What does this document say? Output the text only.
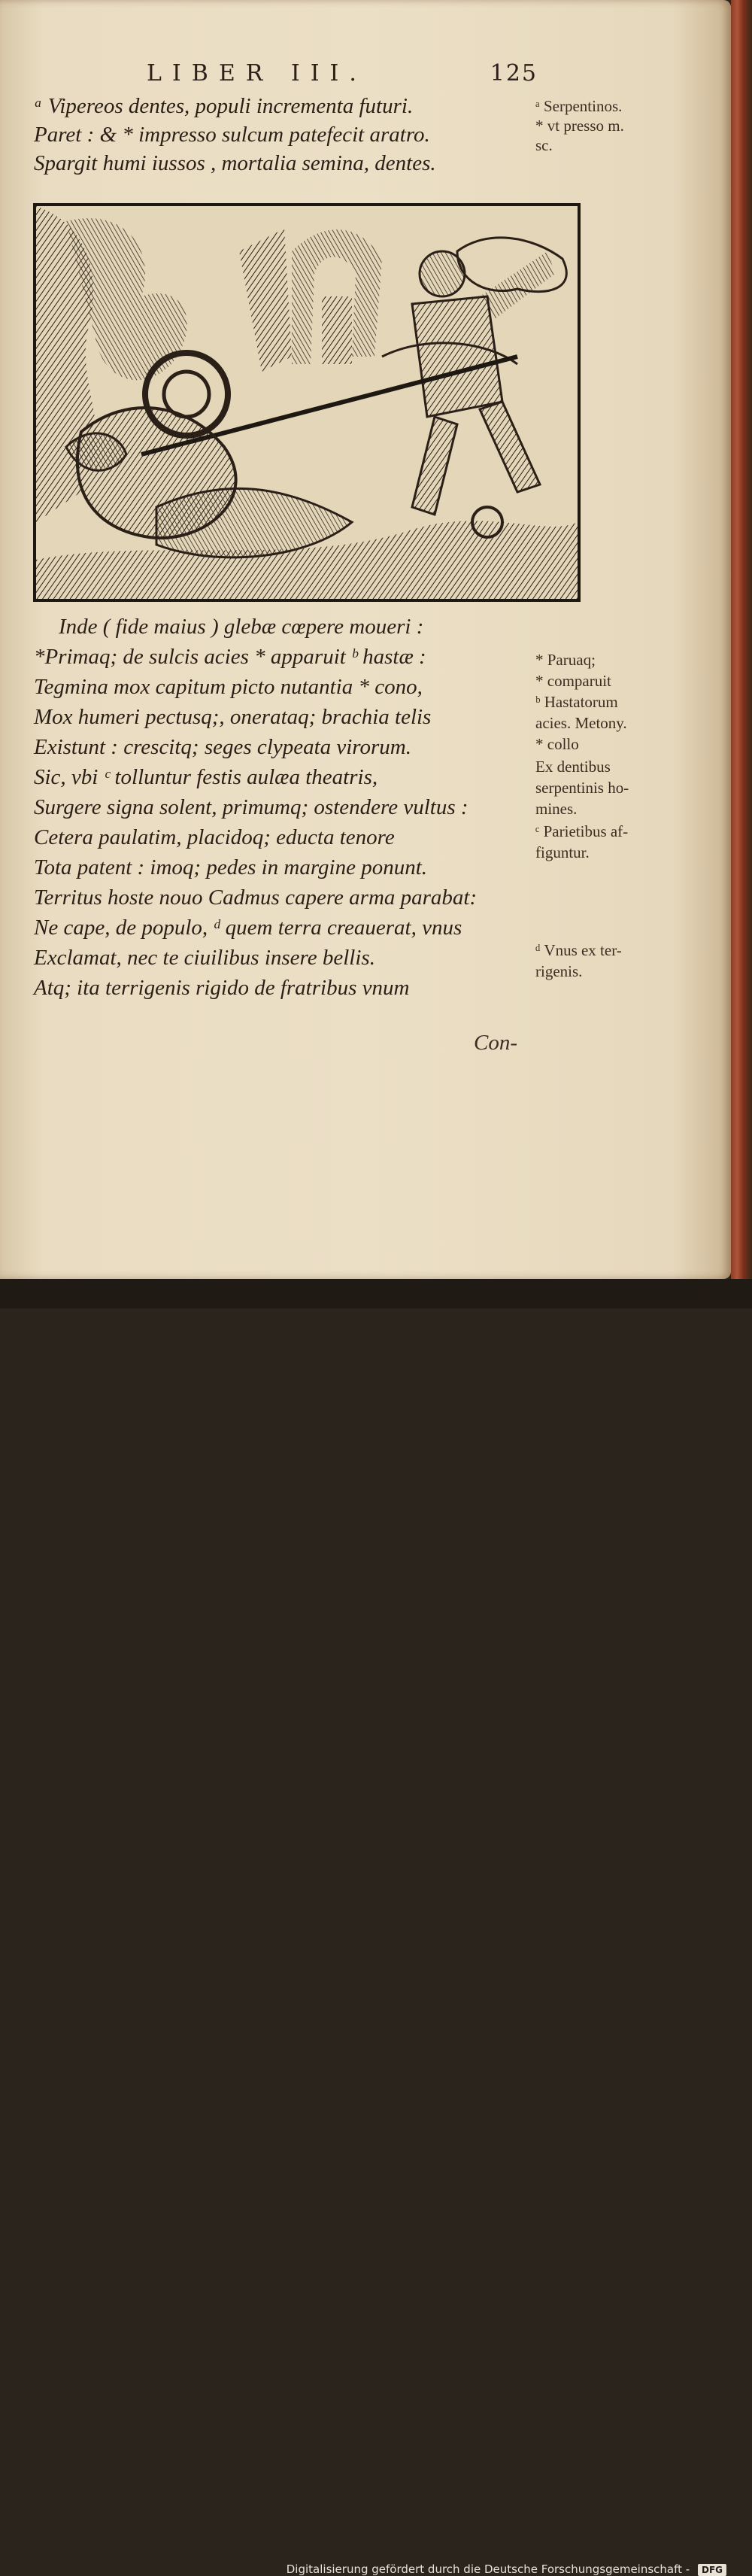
LIBER III.	125
ᵃ Vipereos dentes, populi incrementa futuri.
Paret : & * impresso sulcum patefecit aratro.
Spargit humi iussos , mortalia semina, dentes.
ᵃ Serpentinos.
* vt presso m.
sc.
Inde ( fide maius ) glebæ cœpere moueri :
*Primaq; de sulcis acies * apparuit ᵇ hastæ :
Tegmina mox capitum picto nutantia * cono,
Mox humeri pectusq;, onerataq; brachia telis
Existunt : crescitq; seges clypeata virorum.
Sic, vbi ᶜ tolluntur festis aulæa theatris,
Surgere signa solent, primumq; ostendere vultus :
Cetera paulatim, placidoq; educta tenore
Tota patent : imoq; pedes in margine ponunt.
Territus hoste nouo Cadmus capere arma parabat:
Ne cape, de populo, ᵈ quem terra creauerat, vnus
Exclamat, nec te ciuilibus insere bellis.
Atq; ita terrigenis rigido de fratribus vnum
* Paruaq;
* comparuit
ᵇ Hastatorum
acies. Metony.
* collo
Ex dentibus
serpentinis ho-
mines.
ᶜ Parietibus af-
figuntur.
ᵈ Vnus ex ter-
rigenis.
Con-
Digitalisierung gefördert durch die Deutsche Forschungsgemeinschaft - DFG
